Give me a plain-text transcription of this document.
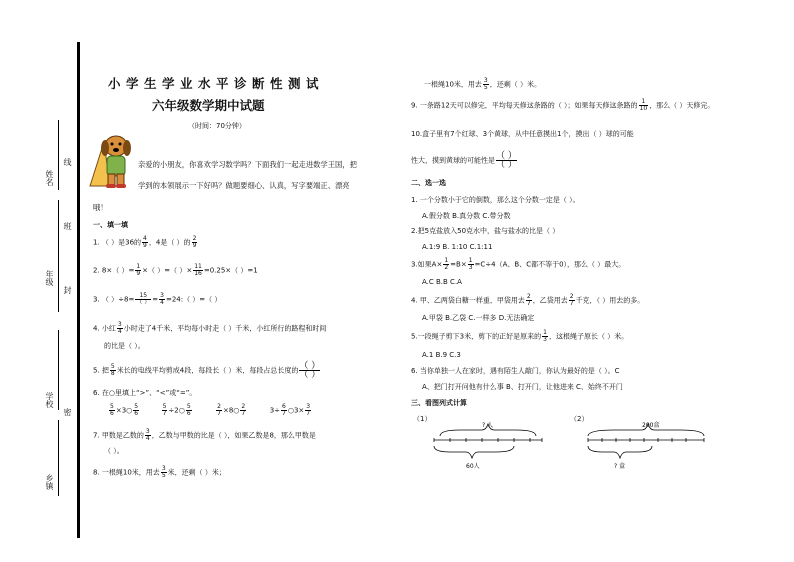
姓名
线
班
年级
封
学校
密
乡镇
小学生学业水平诊断性测试
六年级数学期中试题
（时间：70分钟）
亲爱的小朋友，你喜欢学习数学吗？下面我们一起走进数学王国，把
学到的本领展示一下好吗？做题要细心、认真，写字要端正、漂亮
哦！
一、填一填
1. （ ）是36的 $\frac{4}{9}$ ，4是（ ）的 $\frac{2}{9}$
2. 8×（ ）= $\frac{1}{9}$ ×（ ）=（ ）× $\frac{11}{16} =0.25\times$（ ）=1
3. （ ）$\div 8= \frac{15}{( )} = \frac{3}{4}$ =24:（ ）=（ ）
4. 小红 $\frac{3}{4}$ 小时走了4千米，平均每小时走（ ）千米，小红所行的路程和时间
的比是（ ）。
5. 把 $\frac{5}{8}$ 米长的电线平均剪成4段，每段长（ ）米，每段占总长度的 $\frac{( )}{( )}$
6. 在○里填上“>”、“<”或“=”。
$\frac{5}{6}$ ×3○ $\frac{5}{6}$
	$\frac{5}{7}$ ÷2○ $\frac{5}{6}$
	$\frac{2}{7}$ ×8○ $\frac{2}{7}$	$3\div \frac{6}{7}$ ○3× $\frac{3}{7}$
7. 甲数是乙数的 $\frac{3}{4}$ ，乙数与甲数的比是（ ），如果乙数是8，那么甲数是
（ ）。
8. 一根绳10米，用去 $\frac{3}{5}$ 米，还剩（ ）米；
一根绳10米，用去 $\frac{3}{5}$ ，还剩（ ）米。
9. 一条路12天可以修完，平均每天修这条路的（ ）；如果每天修这条路的 $\frac{1}{10}$ ，那么（ ）天修完。
10.盒子里有7个红球、3个黄球，从中任意摸出1个，摸出（ ）球的可能
性大，摸到黄球的可能性是 $\frac{( )}{( )}$
二、选一选
1. 一个分数小于它的倒数，那么这个分数一定是（ ）。
A.假分数 B.真分数 C.带分数
2.把5克盐放入50克水中，盐与盐水的比是（ ）
A.1:9 B. 1:10 C.1:11
3.如果$A\times \frac{1}{2} =B\times \frac{1}{3} =C\div 4(A$、B、C都不等于0），那么（ ）最大。
A.C B.B C.A
4. 甲、乙两袋白糖一样重，甲袋用去 $\frac{2}{7}$ ，乙袋用去 $\frac{2}{7}$ 千克，（ ）用去的多。
A.甲袋 B.乙袋 C.一样多 D.无法确定
5.一段绳子剪下3米，剪下的正好是原来的 $\frac{1}{3}$ ，这根绳子原长（ ）米。
A.1 B.9 C.3
6. 当你单独一人在家时，遇有陌生人敲门，你认为最好的是（ ）。C
A、把门打开问他有什么事 B、打开门，让他进来 C、始终不开门
三、看图列式计算
（1）
? 人
60人
（2）
200盒
? 盒
